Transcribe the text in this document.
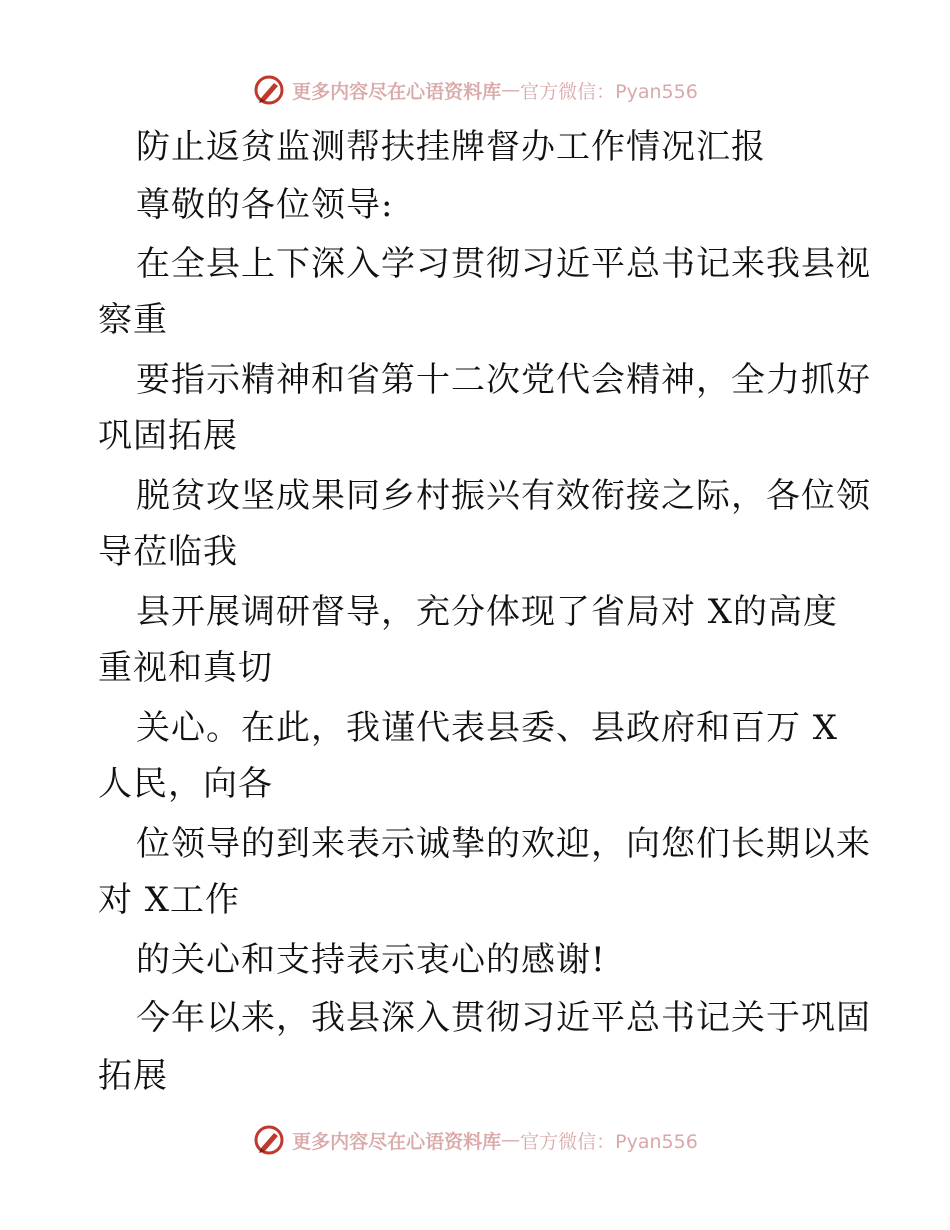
更多内容尽在心语资料库 — 官方微信：Pyan556
防止返贫监测帮扶挂牌督办工作情况汇报
尊敬的各位领导:
在全县上下深入学习贯彻习近平总书记来我县视
察重
要指示精神和省第十二次党代会精神，全力抓好
巩固拓展
脱贫攻坚成果同乡村振兴有效衔接之际，各位领
导莅临我
县开展调研督导，充分体现了省局对 X的高度
重视和真切
关心。在此，我谨代表县委、县政府和百万 X
人民，向各
位领导的到来表示诚挚的欢迎，向您们长期以来
对 X工作
的关心和支持表示衷心的感谢!
今年以来，我县深入贯彻习近平总书记关于巩固
拓展
更多内容尽在心语资料库 — 官方微信：Pyan556
